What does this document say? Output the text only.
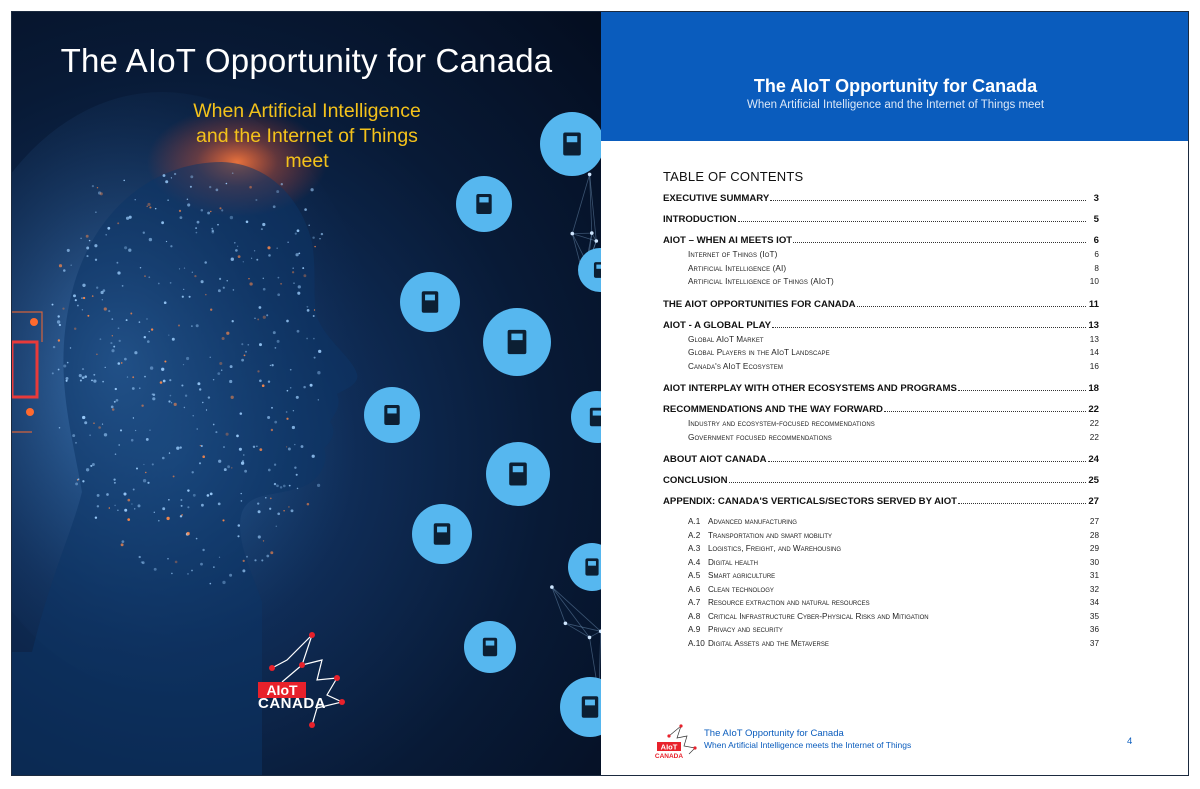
The AIoT Opportunity for Canada
When Artificial Intelligence
and the Internet of Things
meet
AIoT
CANADA
The AIoT Opportunity for Canada
When Artificial Intelligence and the Internet of Things meet
TABLE OF CONTENTS
EXECUTIVE SUMMARY	3
INTRODUCTION	5
AIOT – WHEN AI MEETS IOT	6
Internet of Things (IoT)	6
Artificial Intelligence (AI)	8
Artificial Intelligence of Things (AIoT)	10
THE AIOT OPPORTUNITIES FOR CANADA	11
AIOT - A GLOBAL PLAY	13
Global AIoT Market	13
Global Players in the AIoT Landscape	14
Canada's AIoT Ecosystem	16
AIOT INTERPLAY WITH OTHER ECOSYSTEMS AND PROGRAMS	18
RECOMMENDATIONS AND THE WAY FORWARD	22
Industry and ecosystem-focused recommendations	22
Government focused recommendations	22
ABOUT AIOT CANADA	24
CONCLUSION	25
APPENDIX: CANADA'S VERTICALS/SECTORS SERVED BY AIOT	27
A.1 Advanced manufacturing	27
A.2 Transportation and smart mobility	28
A.3 Logistics, Freight, and Warehousing	29
A.4 Digital health	30
A.5 Smart agriculture	31
A.6 Clean technology	32
A.7 Resource extraction and natural resources	34
A.8 Critical Infrastructure Cyber-Physical Risks and Mitigation	35
A.9 Privacy and security	36
A.10 Digital Assets and the Metaverse	37
AIoT
CANADA
The AIoT Opportunity for Canada
When Artificial Intelligence meets the Internet of Things	4
